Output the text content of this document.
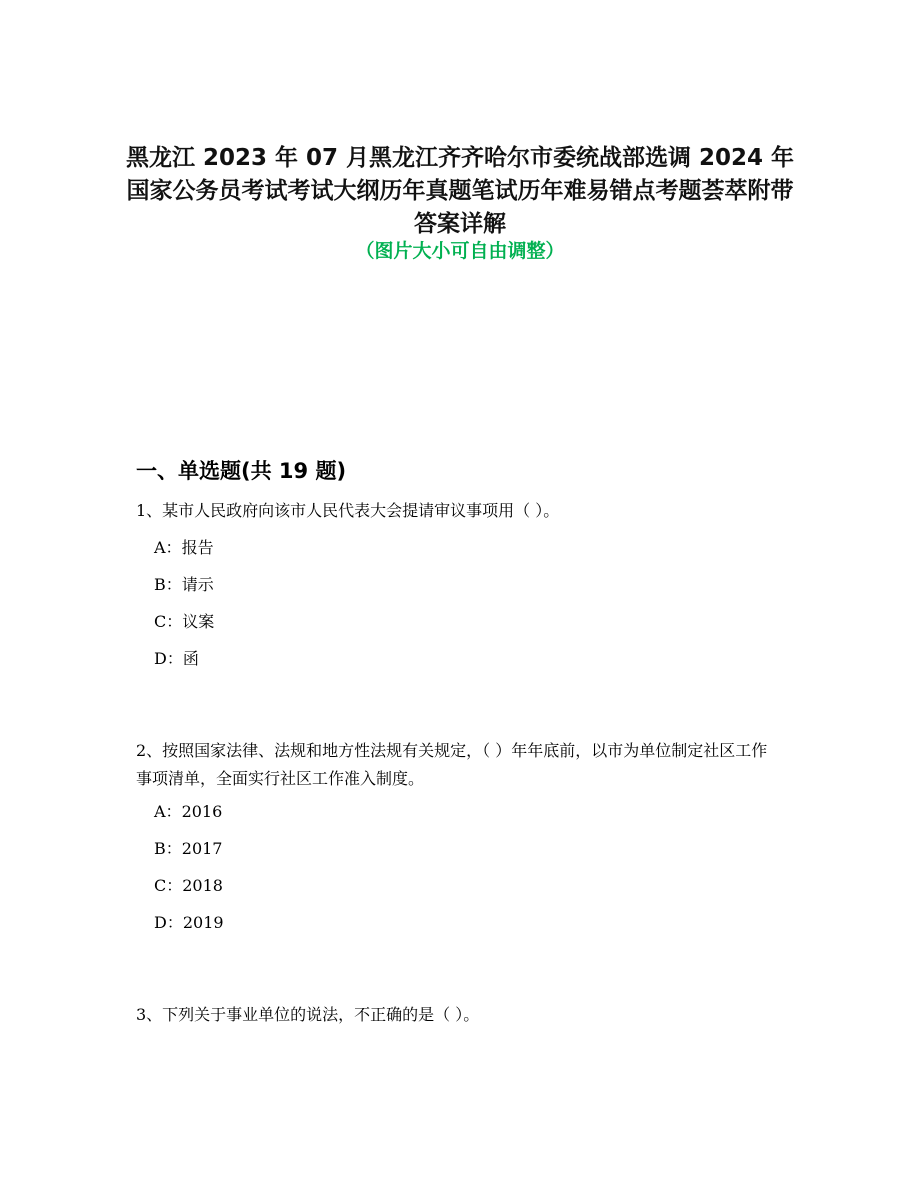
黑龙江 2023 年 07 月黑龙江齐齐哈尔市委统战部选调 2024 年国家公务员考试考试大纲历年真题笔试历年难易错点考题荟萃附带答案详解
（图片大小可自由调整）
一、单选题(共 19 题)
1、某市人民政府向该市人民代表大会提请审议事项用（ ）。
A：报告
B：请示
C：议案
D：函
2、按照国家法律、法规和地方性法规有关规定，（ ）年年底前，以市为单位制定社区工作事项清单，全面实行社区工作准入制度。
A：2016
B：2017
C：2018
D：2019
3、下列关于事业单位的说法，不正确的是（ ）。
